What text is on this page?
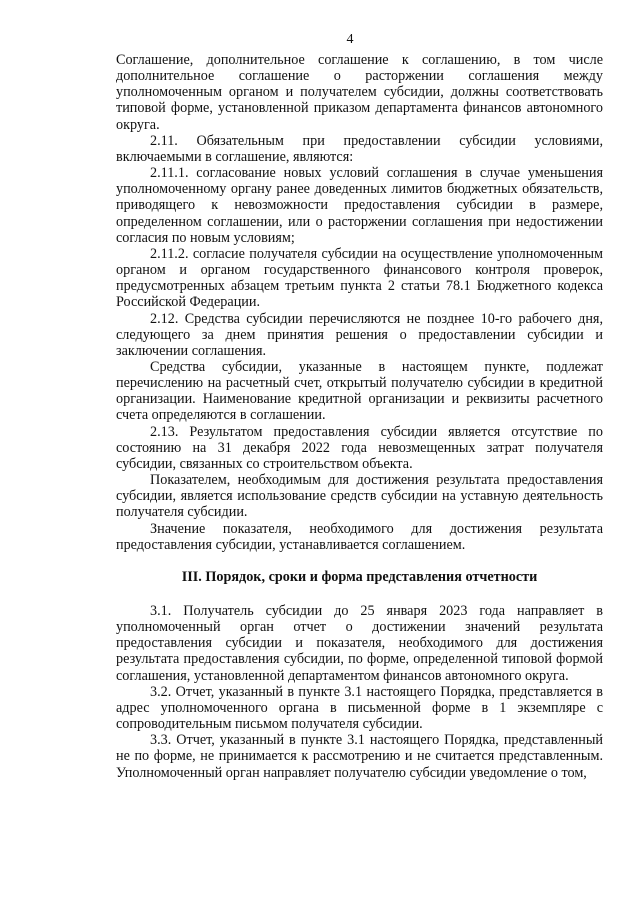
4

Соглашение, дополнительное соглашение к соглашению, в том числе дополнительное соглашение о расторжении соглашения между уполномоченным органом и получателем субсидии, должны соответствовать типовой форме, установленной приказом департамента финансов автономного округа.

2.11. Обязательным при предоставлении субсидии условиями, включаемыми в соглашение, являются:

2.11.1. согласование новых условий соглашения в случае уменьшения уполномоченному органу ранее доведенных лимитов бюджетных обязательств, приводящего к невозможности предоставления субсидии в размере, определенном соглашении, или о расторжении соглашения при недостижении согласия по новым условиям;

2.11.2. согласие получателя субсидии на осуществление уполномоченным органом и органом государственного финансового контроля проверок, предусмотренных абзацем третьим пункта 2 статьи 78.1 Бюджетного кодекса Российской Федерации.

2.12. Средства субсидии перечисляются не позднее 10-го рабочего дня, следующего за днем принятия решения о предоставлении субсидии и заключении соглашения.

Средства субсидии, указанные в настоящем пункте, подлежат перечислению на расчетный счет, открытый получателю субсидии в кредитной организации. Наименование кредитной организации и реквизиты расчетного счета определяются в соглашении.

2.13. Результатом предоставления субсидии является отсутствие по состоянию на 31 декабря 2022 года невозмещенных затрат получателя субсидии, связанных со строительством объекта.

Показателем, необходимым для достижения результата предоставления субсидии, является использование средств субсидии на уставную деятельность получателя субсидии.

Значение показателя, необходимого для достижения результата предоставления субсидии, устанавливается соглашением.

III. Порядок, сроки и форма представления отчетности

3.1. Получатель субсидии до 25 января 2023 года направляет в уполномоченный орган отчет о достижении значений результата предоставления субсидии и показателя, необходимого для достижения результата предоставления субсидии, по форме, определенной типовой формой соглашения, установленной департаментом финансов автономного округа.

3.2. Отчет, указанный в пункте 3.1 настоящего Порядка, представляется в адрес уполномоченного органа в письменной форме в 1 экземпляре с сопроводительным письмом получателя субсидии.

3.3. Отчет, указанный в пункте 3.1 настоящего Порядка, представленный не по форме, не принимается к рассмотрению и не считается представленным. Уполномоченный орган направляет получателю субсидии уведомление о том,
